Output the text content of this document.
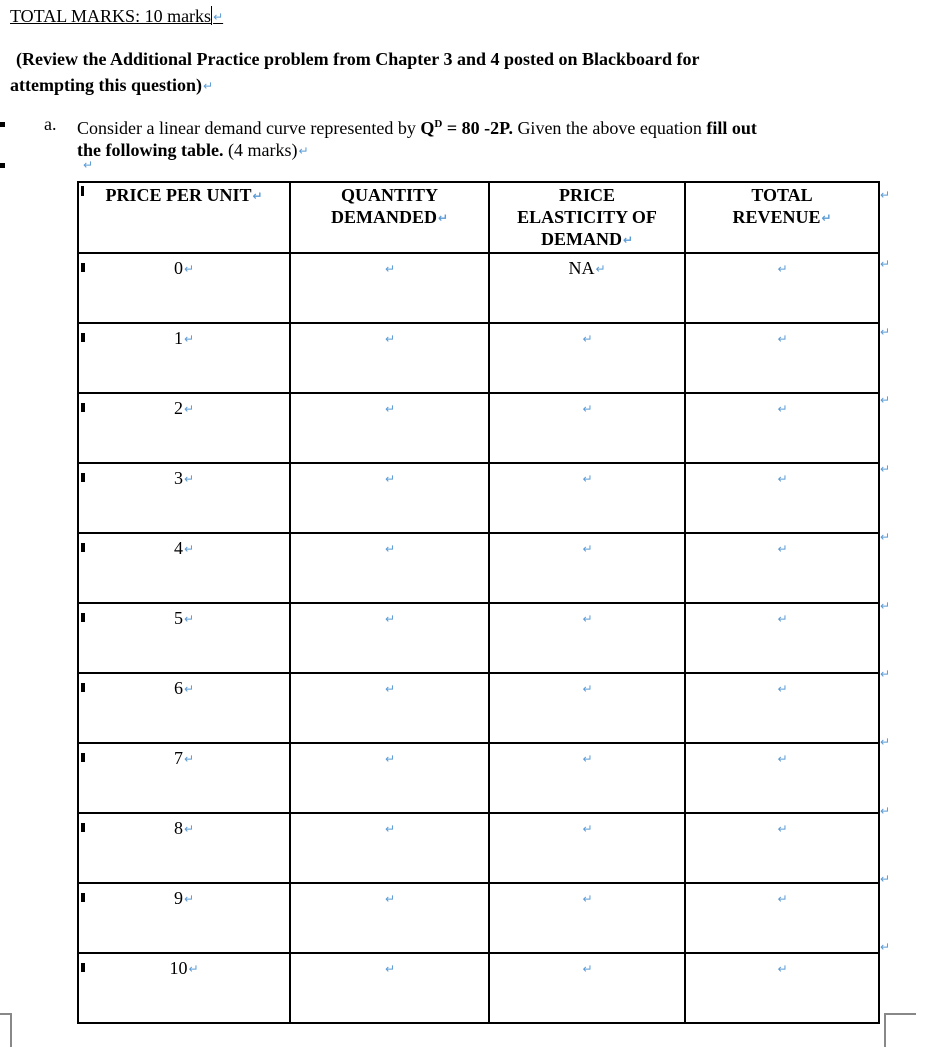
TOTAL MARKS: 10 marks ↵
(Review the Additional Practice problem from Chapter 3 and 4 posted on Blackboard for
attempting this question)↵
a. Consider a linear demand curve represented by $Q^D = 80$ -2P. Given the above equation fill out
the following table. (4 marks)↵
↵
PRICE PER UNIT↵	QUANTITY
DEMANDED↵	PRICE
ELASTICITY OF
DEMAND↵	TOTAL
REVENUE↵

0↵	↵	NA↵	↵

1↵	↵	↵	↵

2↵	↵	↵	↵

3↵	↵	↵	↵

4↵	↵	↵	↵

5↵	↵	↵	↵

6↵	↵	↵	↵

7↵	↵	↵	↵

8↵	↵	↵	↵

9↵	↵	↵	↵

10↵	↵	↵	↵
↵
↵
↵
↵
↵
↵
↵
↵
↵
↵
↵
↵
